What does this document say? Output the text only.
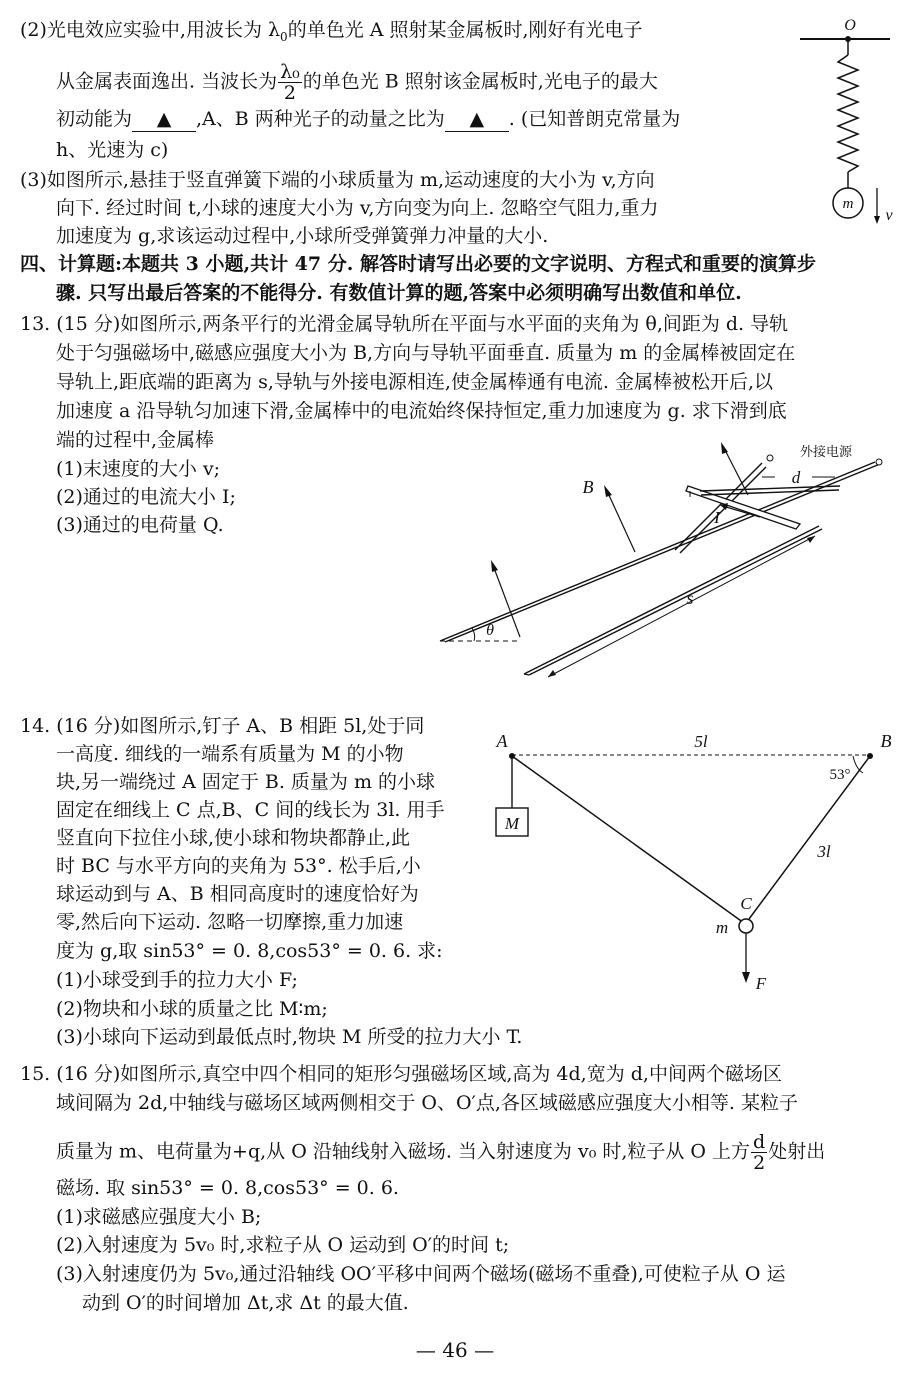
(2)光电效应实验中,用波长为 $\lambda_0$的单色光 A 照射某金属板时,刚好有光电子
从金属表面逸出. 当波长为 $\frac{\text{λ₀}}{2}$ 的单色光 B 照射该金属板时,光电子的最大
初动能为 ▲ ,A、B 两种光子的动量之比为 ▲ . (已知普朗克常量为
h、光速为 c)
(3)如图所示,悬挂于竖直弹簧下端的小球质量为 m,运动速度的大小为 v,方向
向下. 经过时间 t,小球的速度大小为 v,方向变为向上. 忽略空气阻力,重力
加速度为 g,求该运动过程中,小球所受弹簧弹力冲量的大小.
O
m
v
四、计算题:本题共 3 小题,共计 47 分. 解答时请写出必要的文字说明、方程式和重要的演算步
骤. 只写出最后答案的不能得分. 有数值计算的题,答案中必须明确写出数值和单位.
13. (15 分)如图所示,两条平行的光滑金属导轨所在平面与水平面的夹角为 θ,间距为 d. 导轨
处于匀强磁场中,磁感应强度大小为 B,方向与导轨平面垂直. 质量为 m 的金属棒被固定在
导轨上,距底端的距离为 s,导轨与外接电源相连,使金属棒通有电流. 金属棒被松开后,以
加速度 a 沿导轨匀加速下滑,金属棒中的电流始终保持恒定,重力加速度为 g. 求下滑到底
端的过程中,金属棒
(1)末速度的大小 v;
(2)通过的电流大小 I;
(3)通过的电荷量 Q.
外接电源
d
B
I
s
θ
14. (16 分)如图所示,钉子 A、B 相距 5l,处于同
一高度. 细线的一端系有质量为 M 的小物
块,另一端绕过 A 固定于 B. 质量为 m 的小球
固定在细线上 C 点,B、C 间的线长为 3l. 用手
竖直向下拉住小球,使小球和物块都静止,此
时 BC 与水平方向的夹角为 53°. 松手后,小
球运动到与 A、B 相同高度时的速度恰好为
零,然后向下运动. 忽略一切摩擦,重力加速
度为 g,取 sin53° = 0. 8,cos53° = 0. 6. 求:
(1)小球受到手的拉力大小 F;
(2)物块和小球的质量之比 M∶m;
(3)小球向下运动到最低点时,物块 M 所受的拉力大小 T.
A	B
5l
M
53°
3l
C
m
F
15. (16 分)如图所示,真空中四个相同的矩形匀强磁场区域,高为 4d,宽为 d,中间两个磁场区
域间隔为 2d,中轴线与磁场区域两侧相交于 O、O′点,各区域磁感应强度大小相等. 某粒子
质量为 m、电荷量为+q,从 O 沿轴线射入磁场. 当入射速度为 v₀ 时,粒子从 O 上方 $\frac{d}{2}$ 处射出
磁场. 取 sin53° = 0. 8,cos53° = 0. 6.
(1)求磁感应强度大小 B;
(2)入射速度为 5v₀ 时,求粒子从 O 运动到 O′的时间 t;
(3)入射速度仍为 5v₀,通过沿轴线 OO′平移中间两个磁场(磁场不重叠),可使粒子从 O 运
动到 O′的时间增加 Δt,求 Δt 的最大值.
— 46 —
